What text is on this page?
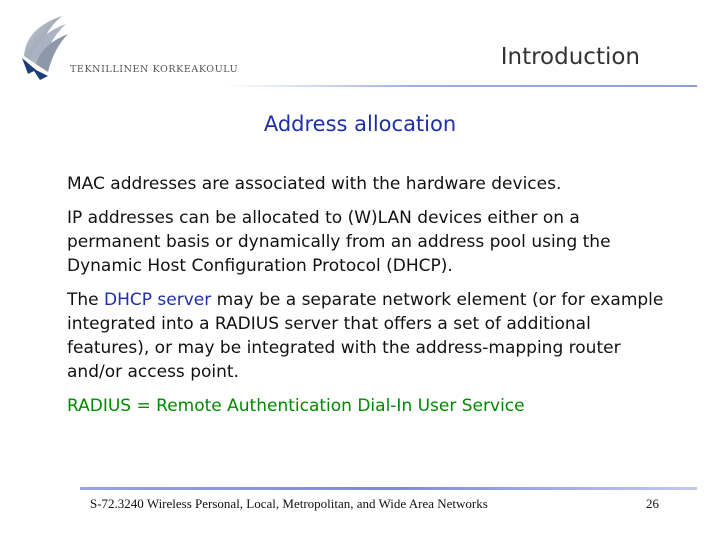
TEKNILLINEN KORKEAKOULU	Introduction
Address allocation

MAC addresses are associated with the hardware devices.

IP addresses can be allocated to (W)LAN devices either on a permanent basis or dynamically from an address pool using the Dynamic Host Configuration Protocol (DHCP).

The DHCP server may be a separate network element (or for example integrated into a RADIUS server that offers a set of additional features), or may be integrated with the address-mapping router and/or access point.

RADIUS = Remote Authentication Dial-In User Service

S-72.3240 Wireless Personal, Local, Metropolitan, and Wide Area Networks	26
